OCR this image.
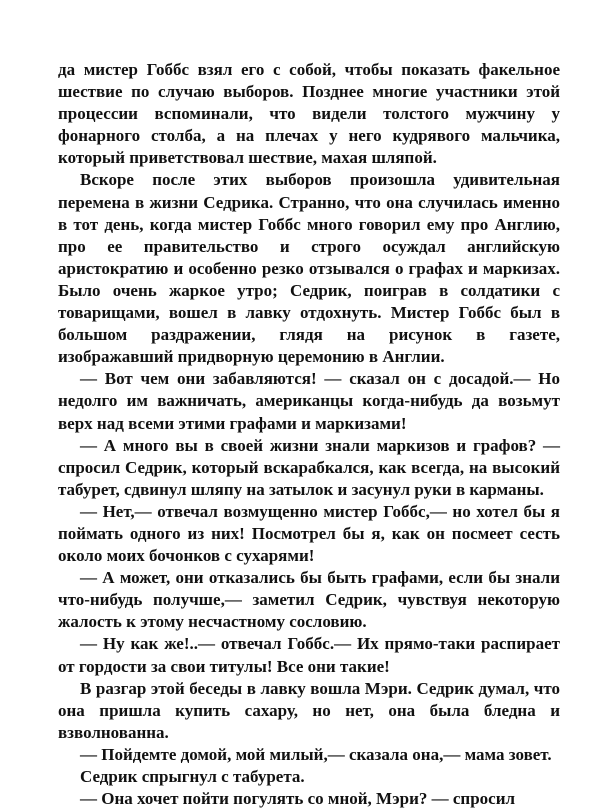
да мистер Гоббс взял его с собой, чтобы показать факельное шествие по случаю выборов. Позднее многие участники этой процессии вспоминали, что видели толстого мужчину у фонарного столба, а на плечах у него кудрявого мальчика, который приветствовал шествие, махая шляпой.

Вскоре после этих выборов произошла удивительная перемена в жизни Седрика. Странно, что она случилась именно в тот день, когда мистер Гоббс много говорил ему про Англию, про ее правительство и строго осуждал английскую аристократию и особенно резко отзывался о графах и маркизах. Было очень жаркое утро; Седрик, поиграв в солдатики с товарищами, вошел в лавку отдохнуть. Мистер Гоббс был в большом раздражении, глядя на рисунок в газете, изображавший придворную церемонию в Англии.

— Вот чем они забавляются! — сказал он с досадой.— Но недолго им важничать, американцы когда-нибудь да возьмут верх над всеми этими графами и маркизами!

— А много вы в своей жизни знали маркизов и графов? — спросил Седрик, который вскарабкался, как всегда, на высокий табурет, сдвинул шляпу на затылок и засунул руки в карманы.

— Нет,— отвечал возмущенно мистер Гоббс,— но хотел бы я поймать одного из них! Посмотрел бы я, как он посмеет сесть около моих бочонков с сухарями!

— А может, они отказались бы быть графами, если бы знали что-нибудь получше,— заметил Седрик, чувствуя некоторую жалость к этому несчастному сословию.

— Ну как же!..— отвечал Гоббс.— Их прямо-таки распирает от гордости за свои титулы! Все они такие!

В разгар этой беседы в лавку вошла Мэри. Седрик думал, что она пришла купить сахару, но нет, она была бледна и взволнованна.

— Пойдемте домой, мой милый,— сказала она,— мама зовет.

Седрик спрыгнул с табурета.

— Она хочет пойти погулять со мной, Мэри? — спросил
